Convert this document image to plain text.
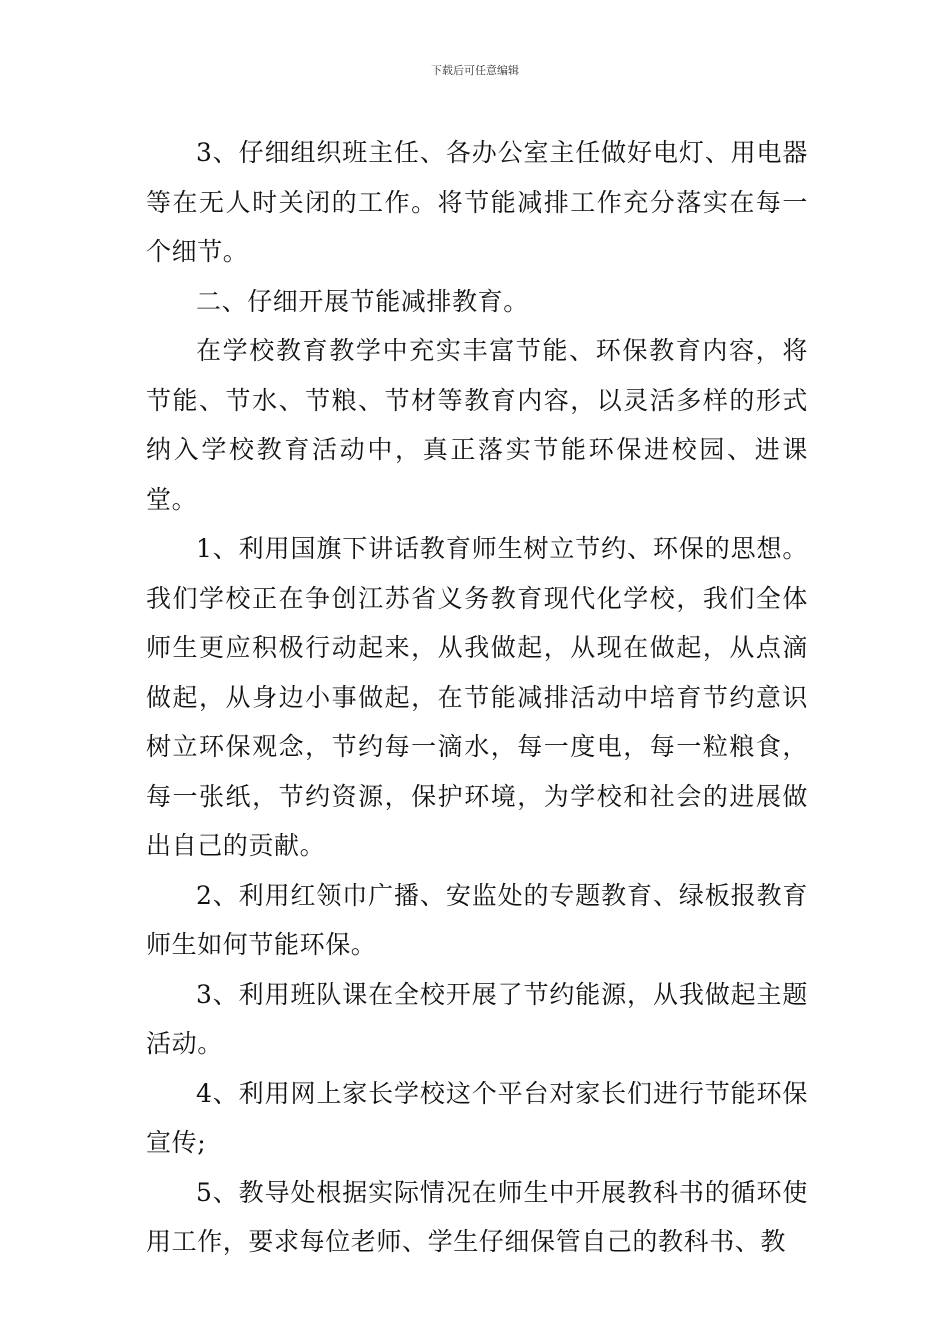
下载后可任意编辑

3、仔细组织班主任、各办公室主任做好电灯、用电器等在无人时关闭的工作。将节能减排工作充分落实在每一个细节。

二、仔细开展节能减排教育。

在学校教育教学中充实丰富节能、环保教育内容，将节能、节水、节粮、节材等教育内容，以灵活多样的形式纳入学校教育活动中，真正落实节能环保进校园、进课堂。

1、利用国旗下讲话教育师生树立节约、环保的思想。我们学校正在争创江苏省义务教育现代化学校，我们全体师生更应积极行动起来，从我做起，从现在做起，从点滴做起，从身边小事做起，在节能减排活动中培育节约意识树立环保观念，节约每一滴水，每一度电，每一粒粮食，每一张纸，节约资源，保护环境，为学校和社会的进展做出自己的贡献。

2、利用红领巾广播、安监处的专题教育、绿板报教育师生如何节能环保。

3、利用班队课在全校开展了节约能源，从我做起主题活动。

4、利用网上家长学校这个平台对家长们进行节能环保宣传;

5、教导处根据实际情况在师生中开展教科书的循环使用工作，要求每位老师、学生仔细保管自己的教科书、教
